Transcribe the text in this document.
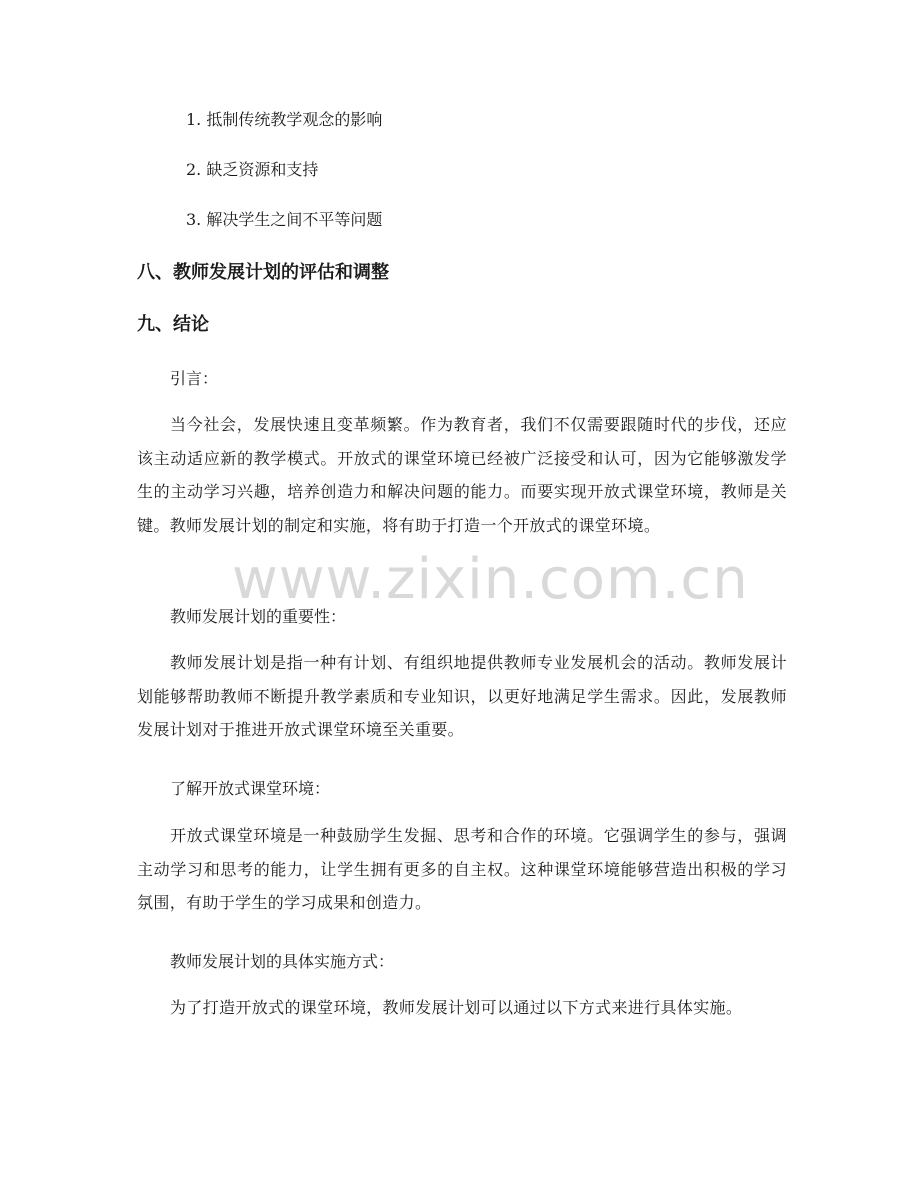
1. 抵制传统教学观念的影响
2. 缺乏资源和支持
3. 解决学生之间不平等问题
八、教师发展计划的评估和调整
九、结论
引言：
当今社会，发展快速且变革频繁。作为教育者，我们不仅需要跟随时代的步伐，还应该主动适应新的教学模式。开放式的课堂环境已经被广泛接受和认可，因为它能够激发学生的主动学习兴趣，培养创造力和解决问题的能力。而要实现开放式课堂环境，教师是关键。教师发展计划的制定和实施，将有助于打造一个开放式的课堂环境。
教师发展计划的重要性：
教师发展计划是指一种有计划、有组织地提供教师专业发展机会的活动。教师发展计划能够帮助教师不断提升教学素质和专业知识，以更好地满足学生需求。因此，发展教师发展计划对于推进开放式课堂环境至关重要。
了解开放式课堂环境：
开放式课堂环境是一种鼓励学生发掘、思考和合作的环境。它强调学生的参与，强调主动学习和思考的能力，让学生拥有更多的自主权。这种课堂环境能够营造出积极的学习氛围，有助于学生的学习成果和创造力。
教师发展计划的具体实施方式：
为了打造开放式的课堂环境，教师发展计划可以通过以下方式来进行具体实施。
www.zixin.com.cn
